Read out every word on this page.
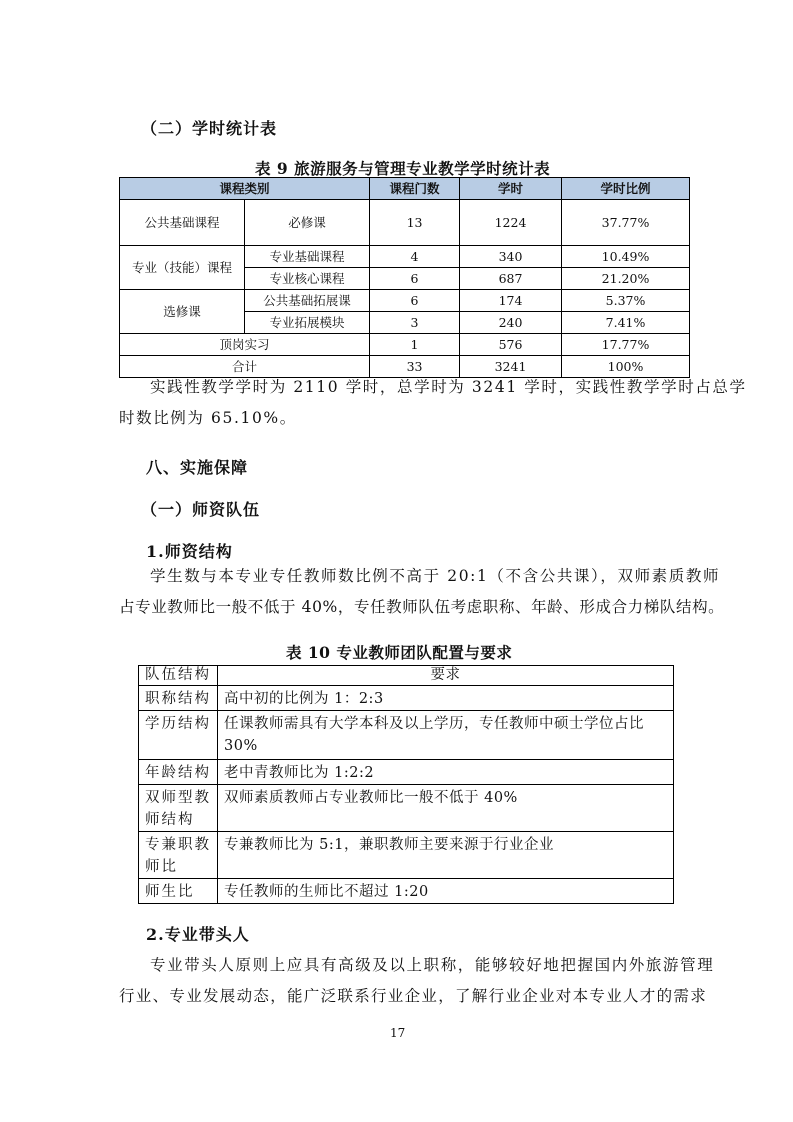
（二）学时统计表
表 9 旅游服务与管理专业教学学时统计表
课程类别		课程门数	学时	学时比例
公共基础课程	必修课	13	1224	37.77%
专业（技能）课程	专业基础课程	4	340	10.49%
	专业核心课程	6	687	21.20%
选修课	公共基础拓展课	6	174	5.37%
	专业拓展模块	3	240	7.41%
顶岗实习		1	576	17.77%
合计		33	3241	100%

实践性教学学时为 2110 学时，总学时为 3241 学时，实践性教学学时占总学

时数比例为 65.10%。

八、实施保障
（一）师资队伍
1.师资结构

学生数与本专业专任教师数比例不高于 20:1（不含公共课），双师素质教师

占专业教师比一般不低于 40%，专任教师队伍考虑职称、年龄、形成合力梯队结构。

表 10 专业教师团队配置与要求
队伍结构	要求
职称结构	高中初的比例为 1：2:3
学历结构	任课教师需具有大学本科及以上学历，专任教师中硕士学位占比 30%
年龄结构	老中青教师比为 1:2:2
双师型教师结构	双师素质教师占专业教师比一般不低于 40%
专兼职教师比	专兼教师比为 5:1，兼职教师主要来源于行业企业
师生比	专任教师的生师比不超过 1:20
2.专业带头人

专业带头人原则上应具有高级及以上职称，能够较好地把握国内外旅游管理

行业、专业发展动态，能广泛联系行业企业，了解行业企业对本专业人才的需求

17
